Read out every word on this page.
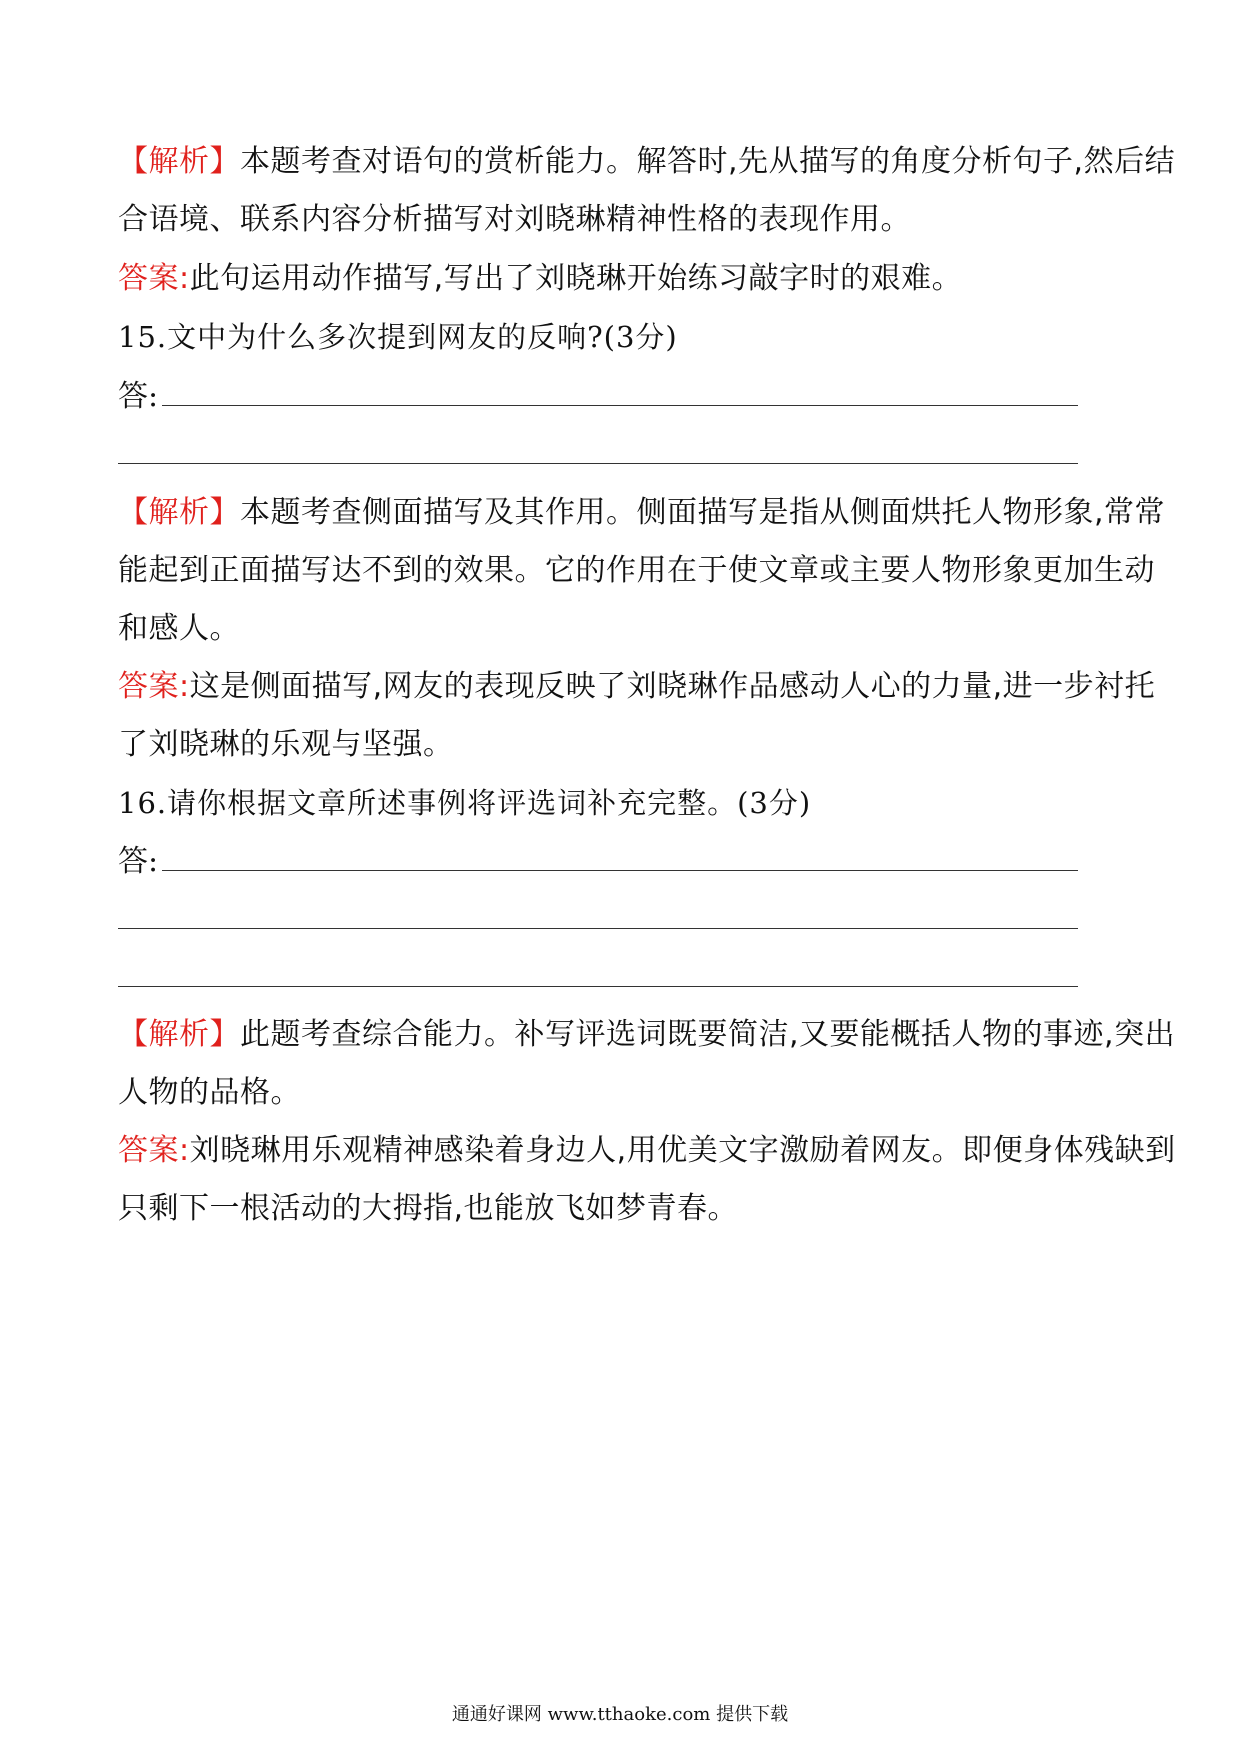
【解析】本题考查对语句的赏析能力。解答时,先从描写的角度分析句子,然后结
合语境、联系内容分析描写对刘晓琳精神性格的表现作用。
答案:此句运用动作描写,写出了刘晓琳开始练习敲字时的艰难。
15.文中为什么多次提到网友的反响?(3分)
答:
【解析】本题考查侧面描写及其作用。侧面描写是指从侧面烘托人物形象,常常
能起到正面描写达不到的效果。它的作用在于使文章或主要人物形象更加生动
和感人。
答案:这是侧面描写,网友的表现反映了刘晓琳作品感动人心的力量,进一步衬托
了刘晓琳的乐观与坚强。
16.请你根据文章所述事例将评选词补充完整。(3分)
答:
【解析】此题考查综合能力。补写评选词既要简洁,又要能概括人物的事迹,突出
人物的品格。
答案:刘晓琳用乐观精神感染着身边人,用优美文字激励着网友。即便身体残缺到
只剩下一根活动的大拇指,也能放飞如梦青春。
通通好课网 www.tthaoke.com 提供下载
